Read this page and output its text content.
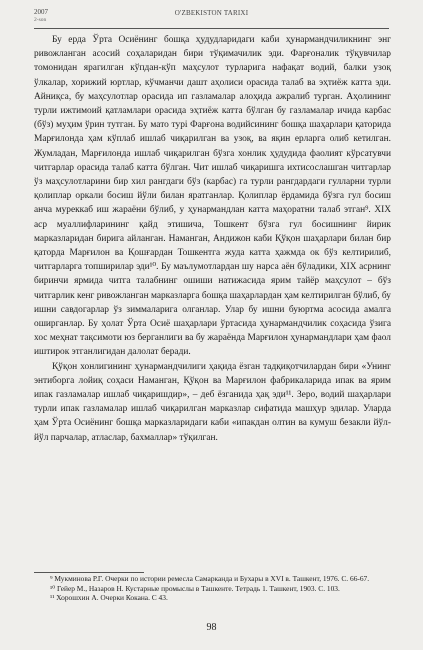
2007
2-son
O'ZBEKISTON TARIXI

Бу ерда Ўрта Осиёнинг бошқа ҳудудларидаги каби ҳунармандчиликнинг энг ривожланган асосий соҳаларидан бири тўқимачилик эди. Фарғоналик тўқувчилар томонидан ярагилган кўпдан-кўп маҳсулот турларига нафақат водий, балки узоқ ўлкалар, хорижий юртлар, кўчманчи дашт аҳолиси орасида талаб ва эҳтиёж катта эди. Айниқса, бу маҳсулотлар орасида ип газламалар алоҳида ажралиб турган. Аҳолининг турли ижтимоий қатламлари орасида эҳтиёж катта бўлган бу газламалар ичида карбас (бўз) муҳим ўрин тутган. Бу мато турі Фарғона водийсининг бошқа шаҳарлари қаторида Марғилонда ҳам кўплаб ишлаб чиқарилган ва узоқ, ва яқин ерларга олиб кетилган. Жумладан, Марғилонда ишлаб чиқарилган бўзга хонлик ҳудудида фаолият кўрсатувчи читгарлар орасида талаб катта бўлган. Чит ишлаб чиқаришга ихтисослашган читгарлар ўз маҳсулотларини бир хил рангдаги бўз (карбас) га турли рангдардаги гулларни турли қолиплар оркали босиш йўли билан яратганлар. Қолиплар ёрдамида бўзга гул босиш анча муреккаб иш жараёни бўлиб, у ҳунармандлан катта маҳоратни талаб этган⁹. XIX аср муаллифларининг қайд этишича, Тошкент бўзга гул босишнинг йирик марказларидан бирига айланган. Наманган, Андижон каби Қўқон шаҳарлари билан бир қаторда Марғилон ва Қошғардан Тошкентга жуда катта ҳажмда ок бўз келтирилиб, читгарларга топширилар эди¹⁰. Бу маълумотлардан шу нарса аён бўладики, XIX асрнинг биринчи ярмида читга талабнинг ошиши натижасида ярим тайёр маҳсулот – бўз читгарлик кенг ривожланган марказларга бошқа шаҳарлардан ҳам келтирилган бўлиб, бу ишни савдогарлар ўз зиммаларига олганлар. Улар бу ишни буюртма асосида амалга оширганлар. Бу ҳолат Ўрта Осиё шаҳарлари ўртасида ҳунармандчилик соҳасида ўзига хос меҳнат тақсимоти юз берганлиги ва бу жараёнда Марғилон ҳунармандлари ҳам фаол иштирок этганлигидан далолат беради.

Қўқон хонлигининг ҳунармандчилиги ҳақида ёзган тадқиқотчилардан бири «Унинг энтиборга лойиқ соҳаси Наманган, Қўқон ва Марғилон фабрикаларида ипак ва ярим ипак газламалар ишлаб чиқаришдир», – деб ёзганида ҳақ эди¹¹. Зеро, водий шаҳарлари турли ипак газламалар ишлаб чиқарилган марказлар сифатида машҳур эдилар. Улардa ҳам Ўрта Осиёнинг бошқа марказларидаги каби «ипакдан олтин ва кумуш безакли йўл-йўл парчалар, атласлар, бахмаллар» тўқилган.

⁹ Мукминова Р.Г. Очерки по истории ремесла Самарканда и Бухары в XVI в. Ташкент, 1976. С. 66-67.

¹⁰ Гейер М., Назаров Н. Кустарные промыслы в Ташкенте. Тетрадь 1. Ташкент, 1903. С. 103.

¹¹ Хорошхин А. Очерки Кокана. С 43.

98
